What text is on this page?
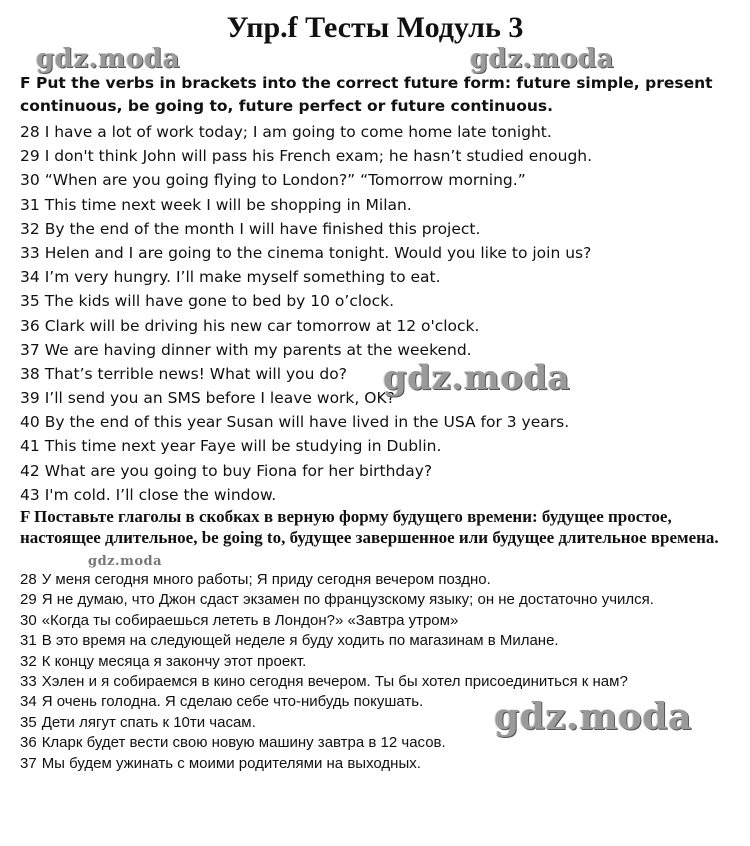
Упр.f Тесты Модуль 3
gdz.moda	gdz.moda

F Put the verbs in brackets into the correct future form: future simple, present continuous, be going to, future perfect or future continuous.

28 I have a lot of work today; I am going to come home late tonight.
29 I don't think John will pass his French exam; he hasn’t studied enough.
30 “When are you going flying to London?” “Tomorrow morning.”
31 This time next week I will be shopping in Milan.
32 By the end of the month I will have finished this project.
33 Helen and I are going to the cinema tonight. Would you like to join us?
34 I’m very hungry. I’ll make myself something to eat.
35 The kids will have gone to bed by 10 o’clock.
36 Clark will be driving his new car tomorrow at 12 o'clock.
37 We are having dinner with my parents at the weekend.
38 That’s terrible news! What will you do?
39 I’ll send you an SMS before I leave work, OK?
40 By the end of this year Susan will have lived in the USA for 3 years.
41 This time next year Faye will be studying in Dublin.
42 What are you going to buy Fiona for her birthday?
43 I'm cold. I’ll close the window.
gdz.moda

F Поставьте глаголы в скобках в верную форму будущего времени: будущее простое, настоящее длительное, be going to, будущее завершенное или будущее длительное времена.

gdz.moda
28 У меня сегодня много работы; Я приду сегодня вечером поздно.
29 Я не думаю, что Джон сдаст экзамен по французскому языку; он не достаточно учился.
30 «Когда ты собираешься лететь в Лондон?» «Завтра утром»
31 В это время на следующей неделе я буду ходить по магазинам в Милане.
32 К концу месяца я закончу этот проект.
33 Хэлен и я собираемся в кино сегодня вечером. Ты бы хотел присоединиться к нам?
34 Я очень голодна. Я сделаю себе что-нибудь покушать.
35 Дети лягут спать к 10ти часам.
36 Кларк будет вести свою новую машину завтра в 12 часов.
37 Мы будем ужинать с моими родителями на выходных.
gdz.moda
